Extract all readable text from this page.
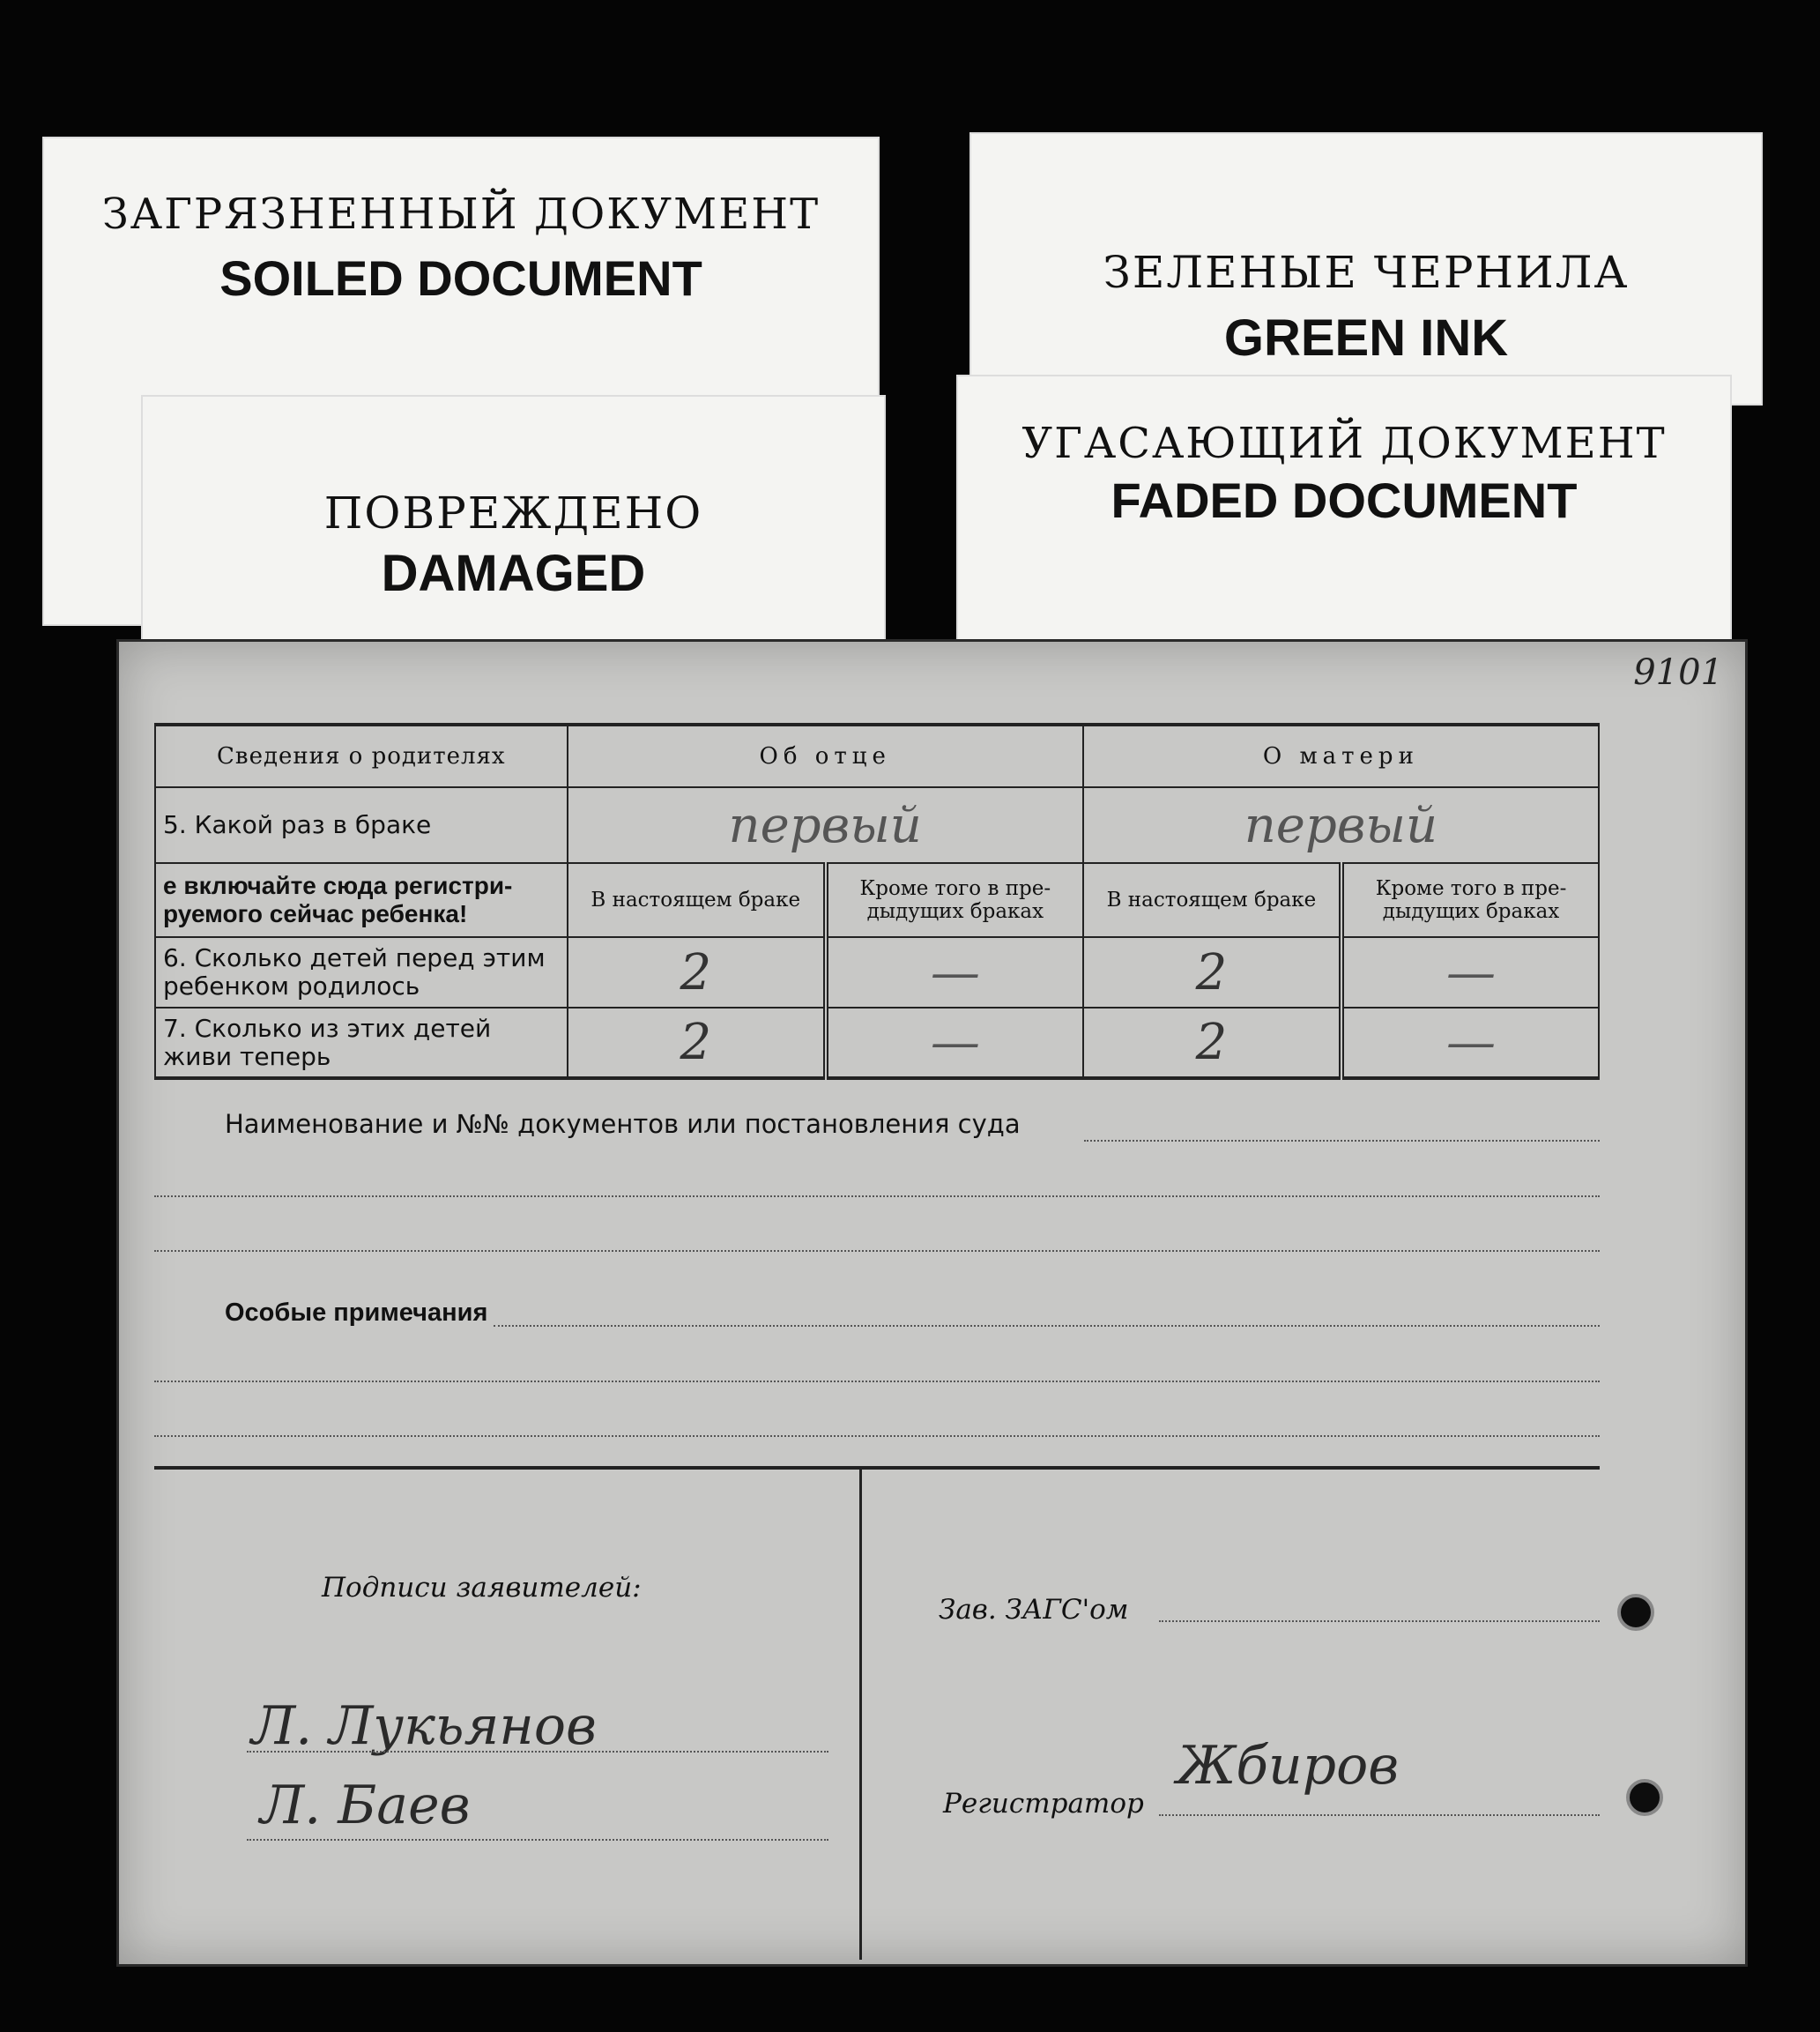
ЗАГРЯЗНЕННЫЙ ДОКУМЕНТ
SOILED DOCUMENT
ПОВРЕЖДЕНО
DAMAGED
ЗЕЛЕНЫЕ ЧЕРНИЛА
GREEN INK
УГАСАЮЩИЙ ДОКУМЕНТ
FADED DOCUMENT
9101
Сведения о родителях	Об отце		О матери	
5. Какой раз в браке	первый		первый	
е включайте сюда регистри-руемого сейчас ребенка!	В настоящем браке	Кроме того в пре-дыдущих браках	В настоящем браке	Кроме того в пре-дыдущих браках
6. Сколько детей перед этим ребенком родилось	2	—	2	—
7. Сколько из этих детей живи теперь	2	—	2	—
Наименование и №№ документов или постановления суда
Особые примечания
Подписи заявителей:
Л. Лукьянов
Л. Баев
Зав. ЗАГС'ом
Регистратор
Жбиров
